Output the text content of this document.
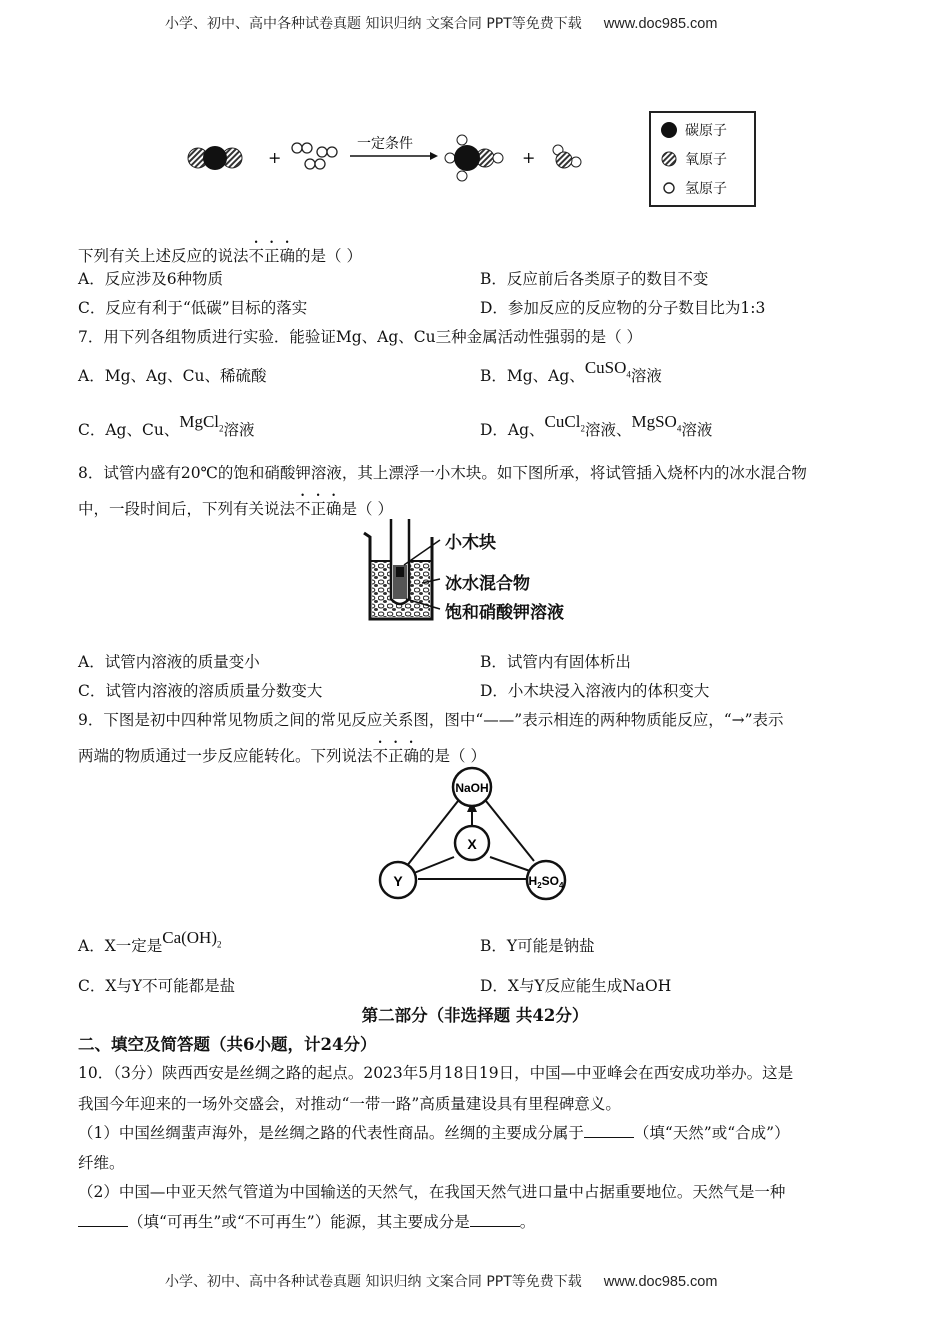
小学、初中、高中各种试卷真题 知识归纳 文案合同 PPT等免费下载 www.doc985.com
+
一定条件
+
碳原子
氧原子
氢原子
下列有关上述反应的说法不正确的是（ ）
A．反应涉及6种物质	B．反应前后各类原子的数目不变
C．反应有利于“低碳”目标的落实	D．参加反应的反应物的分子数目比为1:3
7．用下列各组物质进行实验．能验证Mg、Ag、Cu三种金属活动性强弱的是（ ）
A．Mg、Ag、Cu、稀硫酸	B．Mg、Ag、CuSO$_4$溶液
C．Ag、Cu、MgCl$_2$溶液	D．Ag、CuCl$_2$溶液、MgSO$_4$溶液
8．试管内盛有20℃的饱和硝酸钾溶液，其上漂浮一小木块。如下图所承，将试管插入烧杯内的冰水混合物
中，一段时间后，下列有关说法不正确是（ ）
小木块
冰水混合物
饱和硝酸钾溶液
A．试管内溶液的质量变小	B．试管内有固体析出
C．试管内溶液的溶质质量分数变大	D．小木块浸入溶液内的体积变大
9．下图是初中四种常见物质之间的常见反应关系图，图中“——”表示相连的两种物质能反应，“→”表示
两端的物质通过一步反应能转化。下列说法不正确的是（ ）
NaOH
X
Y	$H_2SO_4$
A．X一定是$Ca(OH)_2$	B．Y可能是钠盐
C．X与Y不可能都是盐	D．X与Y反应能生成NaOH
第二部分（非选择题 共42分）
二、填空及简答题（共6小题，计24分）
10．（3分）陕西西安是丝绸之路的起点。2023年5月18日19日，中国—中亚峰会在西安成功举办。这是
我国今年迎来的一场外交盛会，对推动“一带一路”高质量建设具有里程碑意义。
（1）中国丝绸蜚声海外，是丝绸之路的代表性商品。丝绸的主要成分属于	（填“天然”或“合成”）
纤维。
（2）中国—中亚天然气管道为中国输送的天然气，在我国天然气进口量中占据重要地位。天然气是一种
（填“可再生”或“不可再生”）能源，其主要成分是	。
小学、初中、高中各种试卷真题 知识归纳 文案合同 PPT等免费下载 www.doc985.com
